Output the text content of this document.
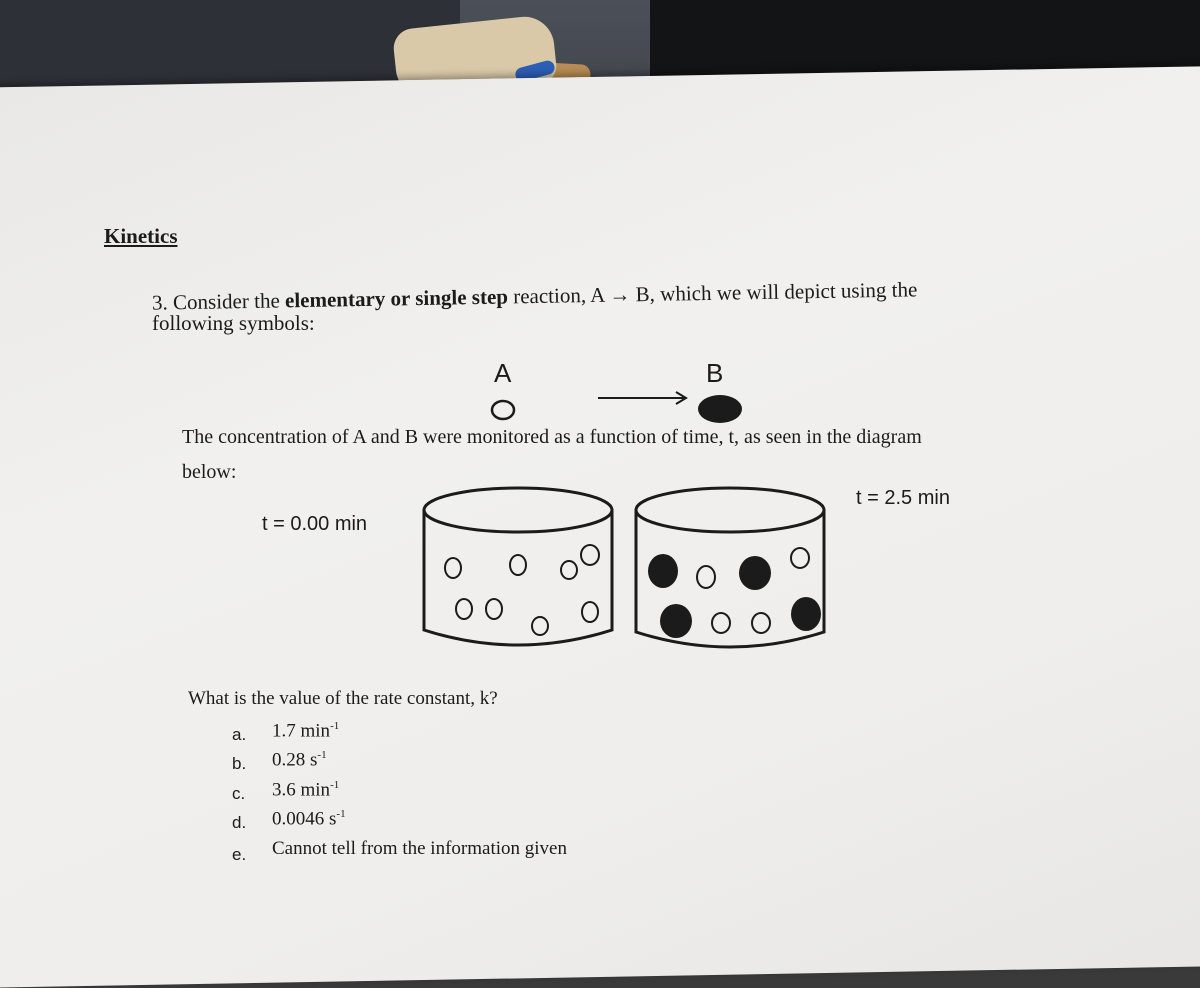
Kinetics
3. Consider the elementary or single step reaction, A → B, which we will depict using the
following symbols:
A	B
The concentration of A and B were monitored as a function of time, t, as seen in the diagram
below:
t = 0.00 min
t = 2.5 min
What is the value of the rate constant, k?
a. 1.7 $\min^{-1}$
b. 0.28 $s^{-1}$
c. 3.6 $\min^{-1}$
d. 0.0046 $s^{-1}$
e. Cannot tell from the information given
